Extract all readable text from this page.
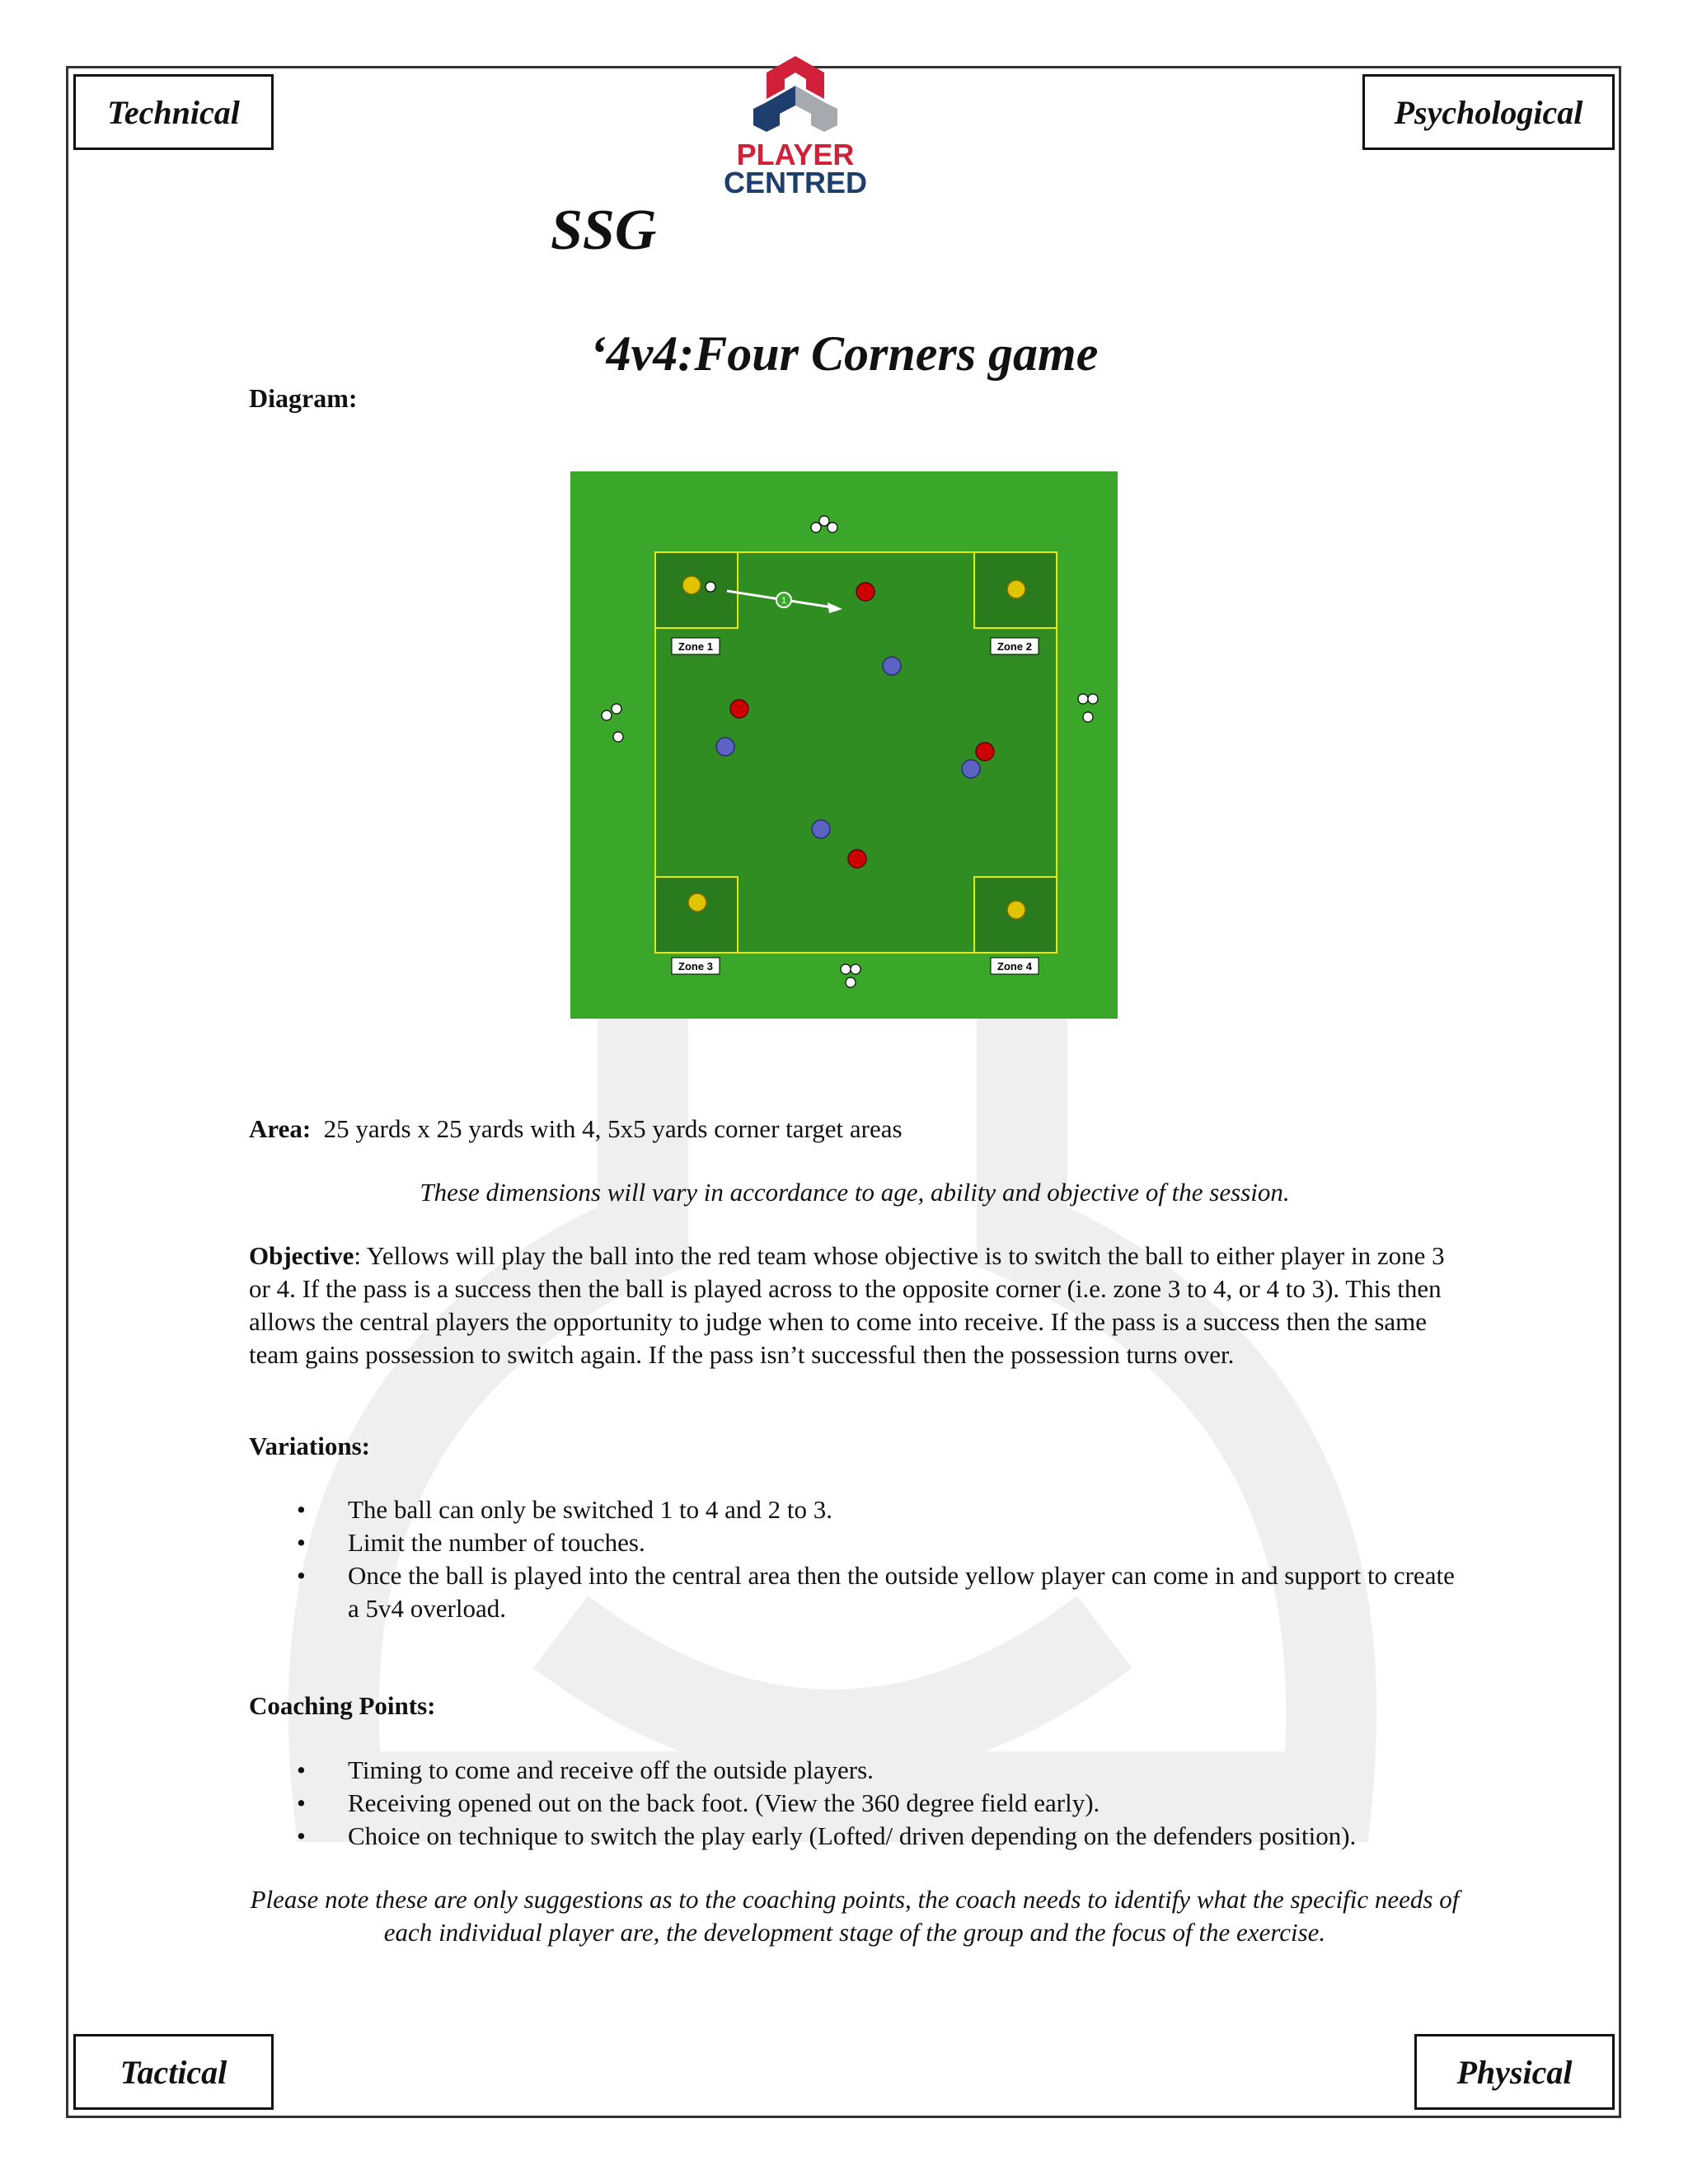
Technical	Psychological
Tactical	Physical
PLAYER
CENTRED
SSG
‘4v4:Four Corners game
Diagram:
Zone 1	Zone 2
Zone 3	Zone 4
1
Area: 25 yards x 25 yards with 4, 5x5 yards corner target areas
These dimensions will vary in accordance to age, ability and objective of the session.
Objective: Yellows will play the ball into the red team whose objective is to switch the ball to either player in zone 3 or 4. If the pass is a success then the ball is played across to the opposite corner (i.e. zone 3 to 4, or 4 to 3). This then allows the central players the opportunity to judge when to come into receive. If the pass is a success then the same team gains possession to switch again. If the pass isn’t successful then the possession turns over.
Variations:
• The ball can only be switched 1 to 4 and 2 to 3.
• Limit the number of touches.
• Once the ball is played into the central area then the outside yellow player can come in and support to create a 5v4 overload.
Coaching Points:
• Timing to come and receive off the outside players.
• Receiving opened out on the back foot. (View the 360 degree field early).
• Choice on technique to switch the play early (Lofted/ driven depending on the defenders position).
Please note these are only suggestions as to the coaching points, the coach needs to identify what the specific needs of each individual player are, the development stage of the group and the focus of the exercise.
